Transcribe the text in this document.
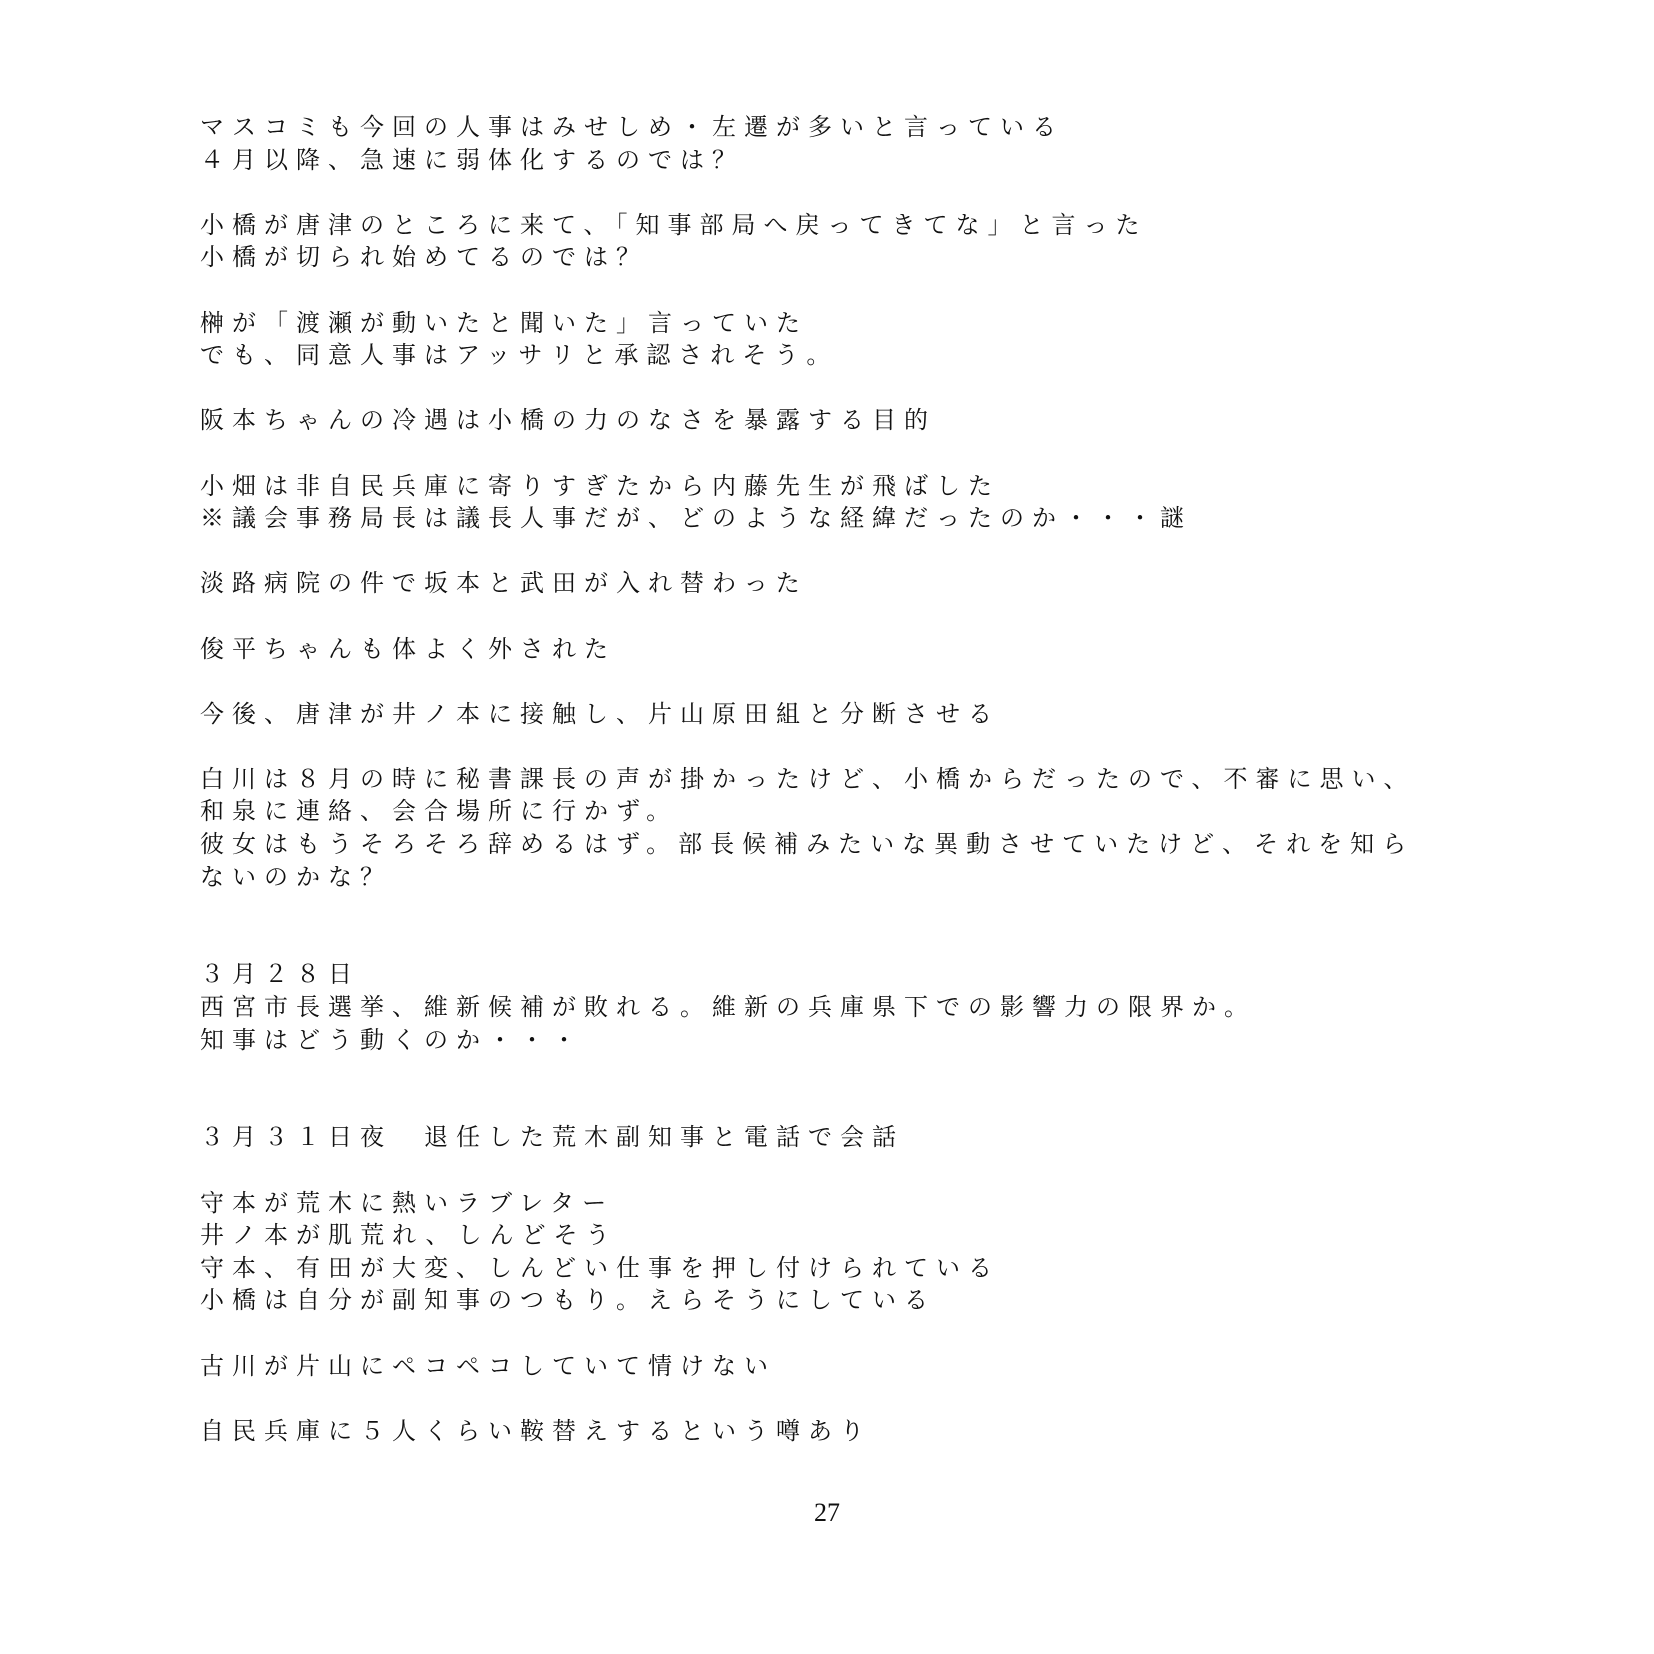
マスコミも今回の人事はみせしめ・左遷が多いと言っている
４月以降、急速に弱体化するのでは？
小橋が唐津のところに来て、「知事部局へ戻ってきてな」と言った
小橋が切られ始めてるのでは？
榊が「渡瀬が動いたと聞いた」言っていた
でも、同意人事はアッサリと承認されそう。
阪本ちゃんの冷遇は小橋の力のなさを暴露する目的
小畑は非自民兵庫に寄りすぎたから内藤先生が飛ばした
※議会事務局長は議長人事だが、どのような経緯だったのか・・・謎
淡路病院の件で坂本と武田が入れ替わった
俊平ちゃんも体よく外された
今後、唐津が井ノ本に接触し、片山原田組と分断させる
白川は８月の時に秘書課長の声が掛かったけど、小橋からだったので、不審に思い、
和泉に連絡、会合場所に行かず。
彼女はもうそろそろ辞めるはず。部長候補みたいな異動させていたけど、それを知ら
ないのかな？
３月２８日
西宮市長選挙、維新候補が敗れる。維新の兵庫県下での影響力の限界か。
知事はどう動くのか・・・
３月３１日夜　退任した荒木副知事と電話で会話
守本が荒木に熱いラブレター
井ノ本が肌荒れ、しんどそう
守本、有田が大変、しんどい仕事を押し付けられている
小橋は自分が副知事のつもり。えらそうにしている
古川が片山にペコペコしていて情けない
自民兵庫に５人くらい鞍替えするという噂あり
27
